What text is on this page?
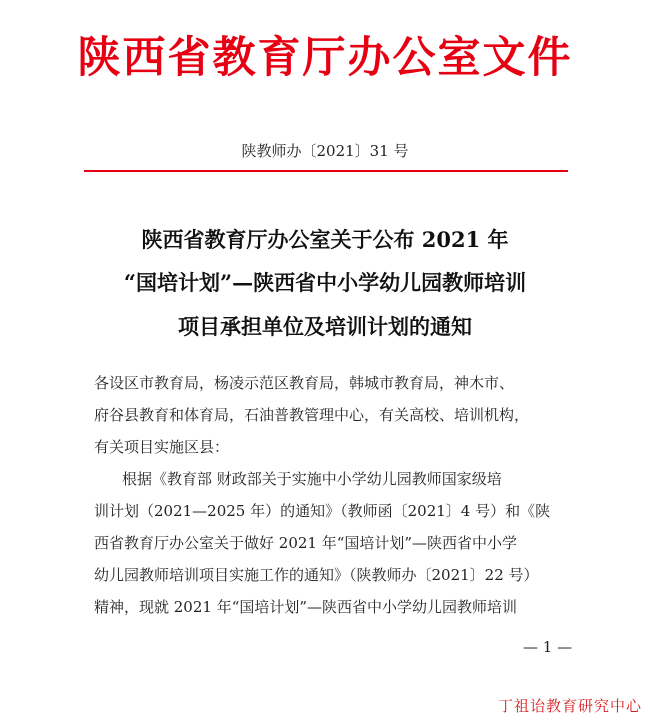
陕西省教育厅办公室文件
陕教师办〔2021〕31 号
陕西省教育厅办公室关于公布 2021 年
“国培计划”—陕西省中小学幼儿园教师培训
项目承担单位及培训计划的通知
各设区市教育局，杨凌示范区教育局，韩城市教育局，神木市、
府谷县教育和体育局，石油普教管理中心，有关高校、培训机构，
有关项目实施区县：
根据《教育部 财政部关于实施中小学幼儿园教师国家级培
训计划（2021—2025 年）的通知》（教师函〔2021〕4 号）和《陕
西省教育厅办公室关于做好 2021 年“国培计划”—陕西省中小学
幼儿园教师培训项目实施工作的通知》（陕教师办〔2021〕22 号）
精神，现就 2021 年“国培计划”—陕西省中小学幼儿园教师培训
— 1 —
丁祖诒教育研究中心
